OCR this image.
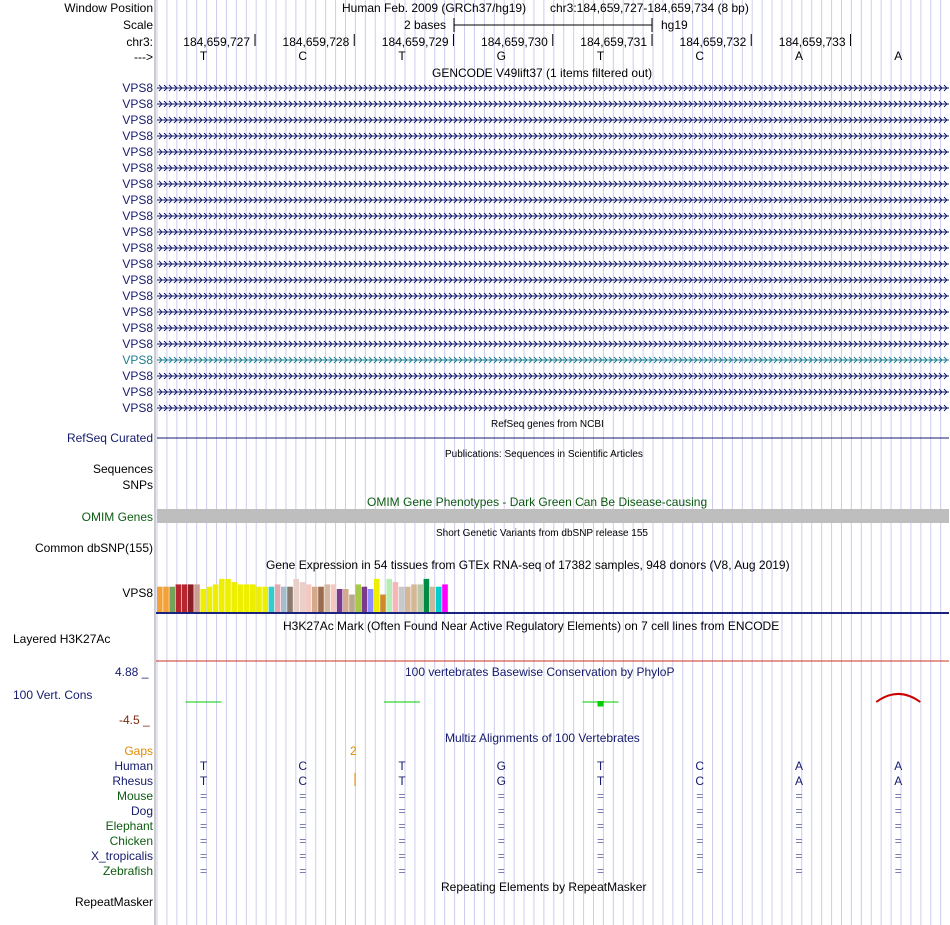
Window Position	Human Feb. 2009 (GRCh37/hg19) chr3:184,659,727-184,659,734 (8 bp)
Scale	2 bases	hg19
chr3:
--->
184,659,727	184,659,728	184,659,729	184,659,730	184,659,731	184,659,732	184,659,733
T	C	T	G	T	C	A	A
GENCODE V49lift37 (1 items filtered out)
VPS8
VPS8
VPS8
VPS8
VPS8
VPS8
VPS8
VPS8
VPS8
VPS8
VPS8
VPS8
VPS8
VPS8
VPS8
VPS8
VPS8
VPS8
VPS8
VPS8
VPS8
RefSeq genes from NCBI
RefSeq Curated
Publications: Sequences in Scientific Articles
Sequences
SNPs
OMIM Gene Phenotypes - Dark Green Can Be Disease-causing
OMIM Genes
Short Genetic Variants from dbSNP release 155
Common dbSNP(155)
Gene Expression in 54 tissues from GTEx RNA-seq of 17382 samples, 948 donors (V8, Aug 2019)
VPS8
H3K27Ac Mark (Often Found Near Active Regulatory Elements) on 7 cell lines from ENCODE
Layered H3K27Ac
100 vertebrates Basewise Conservation by PhyloP
4.88 _
100 Vert. Cons
-4.5 _
Multiz Alignments of 100 Vertebrates
Gaps	2
Human	T	C	T	G	T	C	A	A
Rhesus	T	C	T	G	T	C	A	A
Mouse	=	=	=	=	=	=	=	=
Dog	=	=	=	=	=	=	=	=
Elephant	=	=	=	=	=	=	=	=
Chicken	=	=	=	=	=	=	=	=
X_tropicalis	=	=	=	=	=	=	=	=
Zebrafish	=	=	=	=	=	=	=	=
Repeating Elements by RepeatMasker
RepeatMasker
